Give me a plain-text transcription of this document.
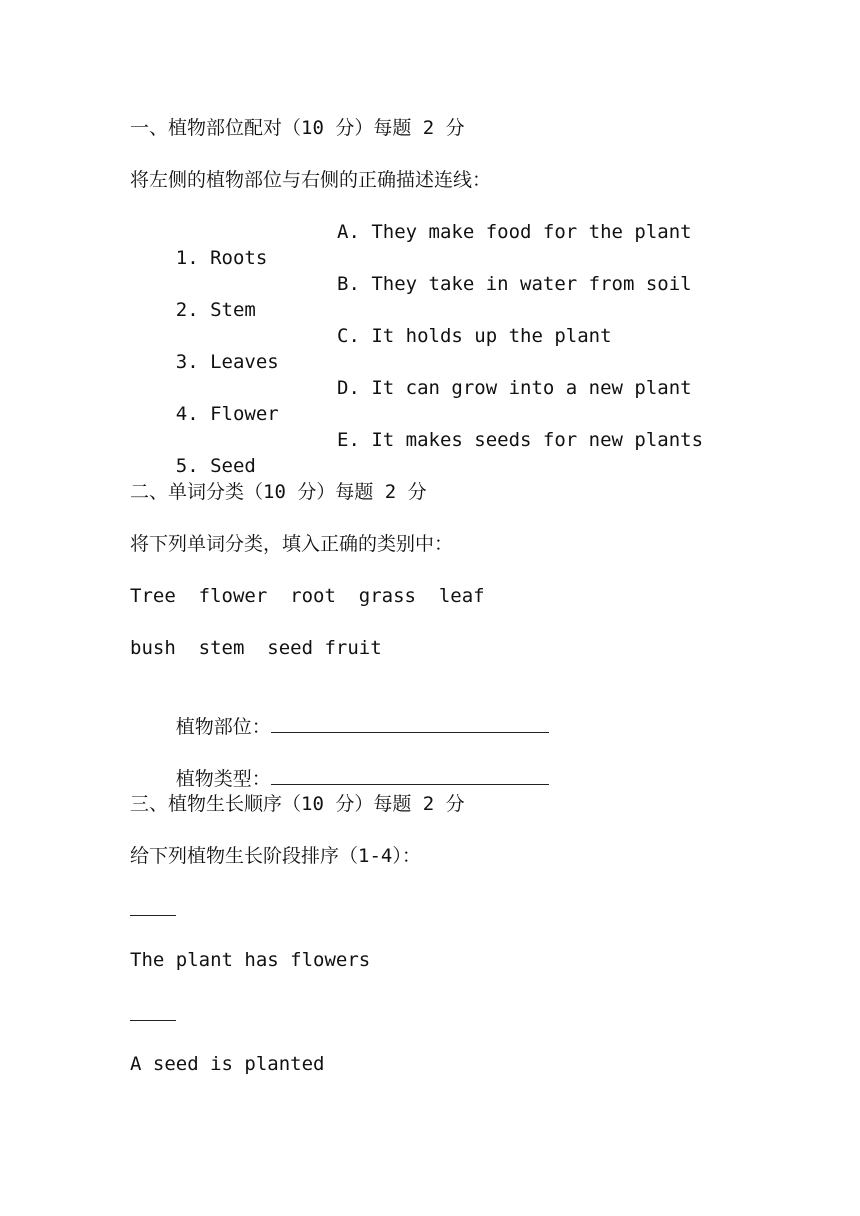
一、植物部位配对（10 分）每题 2 分
将左侧的植物部位与右侧的正确描述连线：

1. Roots

A. They make food for the plant

2. Stem

B. They take in water from soil

3. Leaves

C. It holds up the plant

4. Flower

D. It can grow into a new plant

5. Seed

E. It makes seeds for new plants

二、单词分类（10 分）每题 2 分
将下列单词分类，填入正确的类别中：
Tree  flower  root  grass  leaf
bush  stem  seed fruit

植物部位：

植物类型：

三、植物生长顺序（10 分）每题 2 分
给下列植物生长阶段排序（1-4）：
The plant has flowers
A seed is planted
